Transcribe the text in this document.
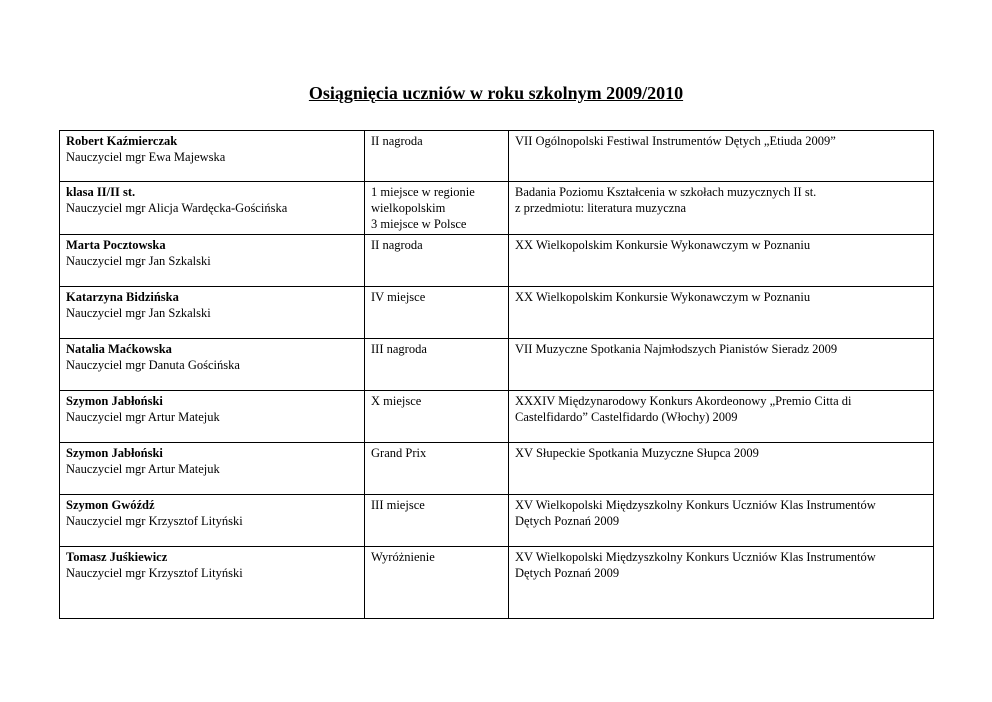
Osiągnięcia uczniów w roku szkolnym 2009/2010
Robert Kaźmierczak
Nauczyciel mgr Ewa Majewska	II nagroda	VII Ogólnopolski Festiwal Instrumentów Dętych „Etiuda 2009”

klasa II/II st.
Nauczyciel mgr Alicja Wardęcka-Gościńska	1 miejsce w regionie
wielkopolskim
3 miejsce w Polsce	Badania Poziomu Kształcenia w szkołach muzycznych II st.
z przedmiotu: literatura muzyczna

Marta Pocztowska
Nauczyciel mgr Jan Szkalski	II nagroda	XX Wielkopolskim Konkursie Wykonawczym w Poznaniu

Katarzyna Bidzińska
Nauczyciel mgr Jan Szkalski	IV miejsce	XX Wielkopolskim Konkursie Wykonawczym w Poznaniu

Natalia Maćkowska
Nauczyciel mgr Danuta Gościńska	III nagroda	VII Muzyczne Spotkania Najmłodszych Pianistów Sieradz 2009

Szymon Jabłoński
Nauczyciel mgr Artur Matejuk	X miejsce	XXXIV Międzynarodowy Konkurs Akordeonowy „Premio Citta di
Castelfidardo” Castelfidardo (Włochy) 2009

Szymon Jabłoński
Nauczyciel mgr Artur Matejuk	Grand Prix	XV Słupeckie Spotkania Muzyczne Słupca 2009

Szymon Gwóźdź
Nauczyciel mgr Krzysztof Lityński	III miejsce	XV Wielkopolski Międzyszkolny Konkurs Uczniów Klas Instrumentów
Dętych Poznań 2009

Tomasz Juśkiewicz
Nauczyciel mgr Krzysztof Lityński	Wyróżnienie	XV Wielkopolski Międzyszkolny Konkurs Uczniów Klas Instrumentów
Dętych Poznań 2009
